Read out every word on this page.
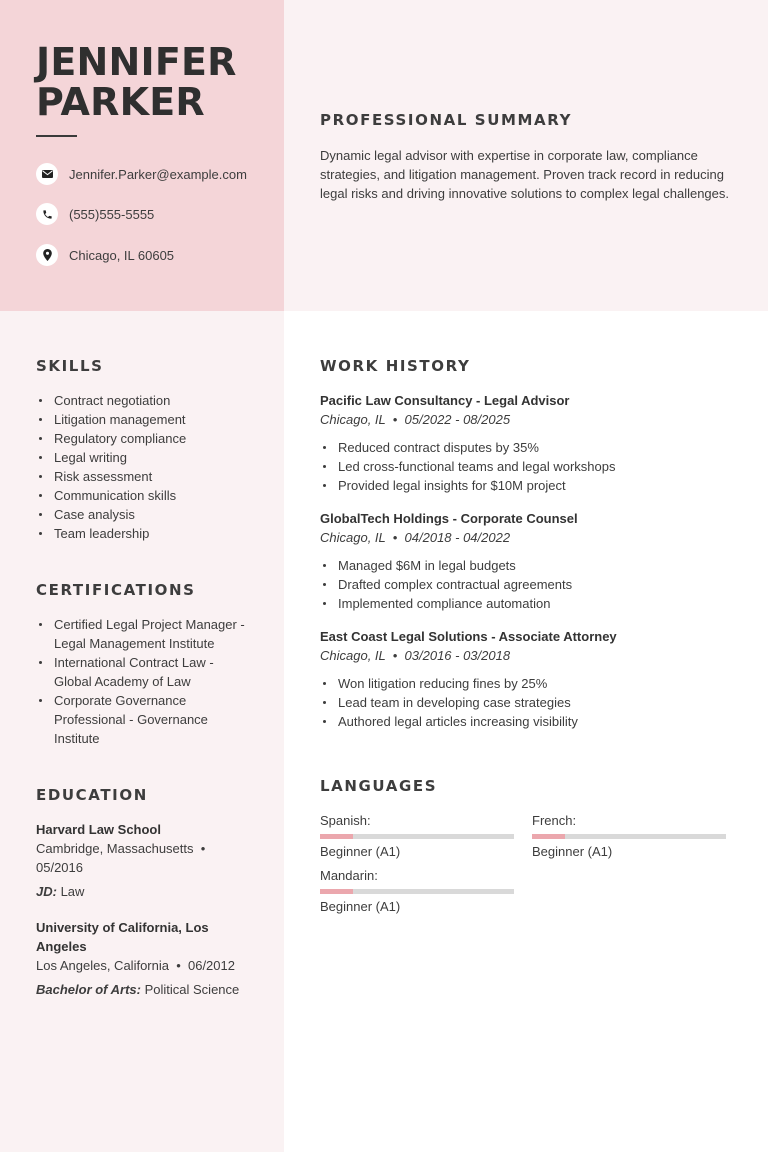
JENNIFER
PARKER
Jennifer.Parker@example.com
(555)555-5555
Chicago, IL 60605
PROFESSIONAL SUMMARY

Dynamic legal advisor with expertise in corporate law, compliance strategies, and litigation management. Proven track record in reducing legal risks and driving innovative solutions to complex legal challenges.

SKILLS
Contract negotiation
Litigation management
Regulatory compliance
Legal writing
Risk assessment
Communication skills
Case analysis
Team leadership
CERTIFICATIONS
Certified Legal Project Manager - Legal Management Institute
International Contract Law - Global Academy of Law
Corporate Governance Professional - Governance Institute
EDUCATION
Harvard Law School
Cambridge, Massachusetts  •  05/2016
JD: Law
University of California, Los Angeles
Los Angeles, California  •  06/2012
Bachelor of Arts: Political Science
WORK HISTORY
Pacific Law Consultancy - Legal Advisor
Chicago, IL  •  05/2022 - 08/2025
Reduced contract disputes by 35%
Led cross-functional teams and legal workshops
Provided legal insights for $10M project
GlobalTech Holdings - Corporate Counsel
Chicago, IL  •  04/2018 - 04/2022
Managed $6M in legal budgets
Drafted complex contractual agreements
Implemented compliance automation
East Coast Legal Solutions - Associate Attorney
Chicago, IL  •  03/2016 - 03/2018
Won litigation reducing fines by 25%
Lead team in developing case strategies
Authored legal articles increasing visibility
LANGUAGES
Spanish:
Beginner (A1)
French:
Beginner (A1)
Mandarin:
Beginner (A1)
